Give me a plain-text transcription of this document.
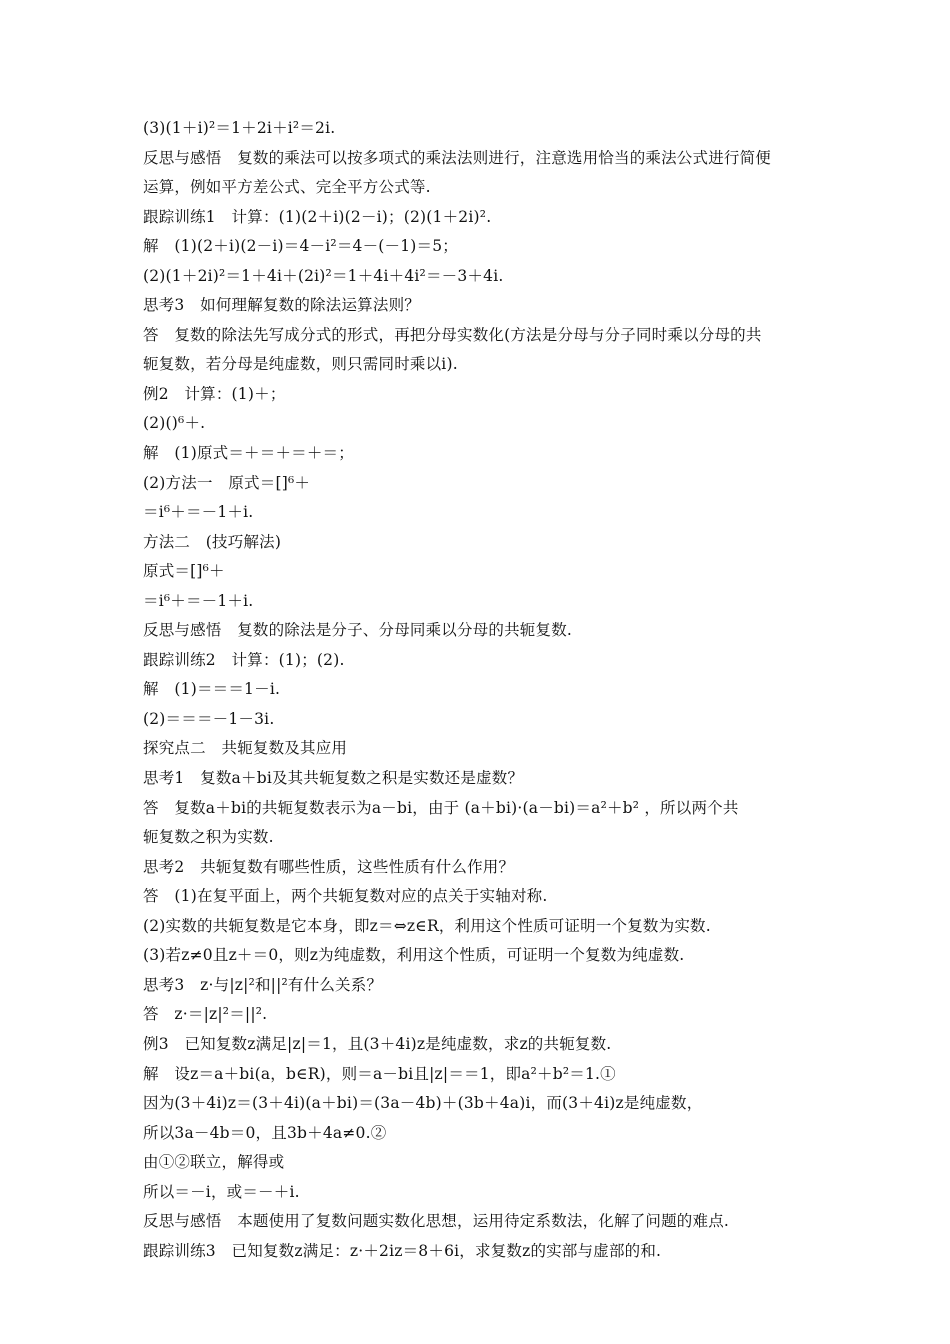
(3)(1＋i)²＝1＋2i＋i²＝2i.
反思与感悟　复数的乘法可以按多项式的乘法法则进行，注意选用恰当的乘法公式进行简便
运算，例如平方差公式、完全平方公式等.
跟踪训练1　计算：(1)(2＋i)(2－i)；(2)(1＋2i)².
解　(1)(2＋i)(2－i)＝4－i²＝4－(－1)＝5；
(2)(1＋2i)²＝1＋4i＋(2i)²＝1＋4i＋4i²＝－3＋4i.
思考3　如何理解复数的除法运算法则？
答　复数的除法先写成分式的形式，再把分母实数化(方法是分母与分子同时乘以分母的共
轭复数，若分母是纯虚数，则只需同时乘以i).
例2　计算：(1)＋；
(2)()⁶＋.
解　(1)原式＝＋＝＋＝＋＝；
(2)方法一　原式＝[]⁶＋
＝i⁶＋＝－1＋i.
方法二　(技巧解法)
原式＝[]⁶＋
＝i⁶＋＝－1＋i.
反思与感悟　复数的除法是分子、分母同乘以分母的共轭复数.
跟踪训练2　计算：(1)；(2).
解　(1)＝＝＝1－i.
(2)＝＝＝－1－3i.
探究点二　共轭复数及其应用
思考1　复数a＋bi及其共轭复数之积是实数还是虚数？
答　复数a＋bi的共轭复数表示为a－bi，由于 (a＋bi)·(a－bi)＝a²＋b² ，所以两个共
轭复数之积为实数.
思考2　共轭复数有哪些性质，这些性质有什么作用？
答　(1)在复平面上，两个共轭复数对应的点关于实轴对称.
(2)实数的共轭复数是它本身，即z＝⇔z∈R，利用这个性质可证明一个复数为实数.
(3)若z≠0且z＋＝0，则z为纯虚数，利用这个性质，可证明一个复数为纯虚数.
思考3　z·与|z|²和||²有什么关系？
答　z·＝|z|²＝||².
例3　已知复数z满足|z|＝1，且(3＋4i)z是纯虚数，求z的共轭复数.
解　设z＝a＋bi(a，b∈R)，则＝a－bi且|z|＝＝1，即a²＋b²＝1.①
因为(3＋4i)z＝(3＋4i)(a＋bi)＝(3a－4b)＋(3b＋4a)i，而(3＋4i)z是纯虚数，
所以3a－4b＝0，且3b＋4a≠0.②
由①②联立，解得或
所以＝－i，或＝－＋i.
反思与感悟　本题使用了复数问题实数化思想，运用待定系数法，化解了问题的难点.
跟踪训练3　已知复数z满足：z·＋2iz＝8＋6i，求复数z的实部与虚部的和.
